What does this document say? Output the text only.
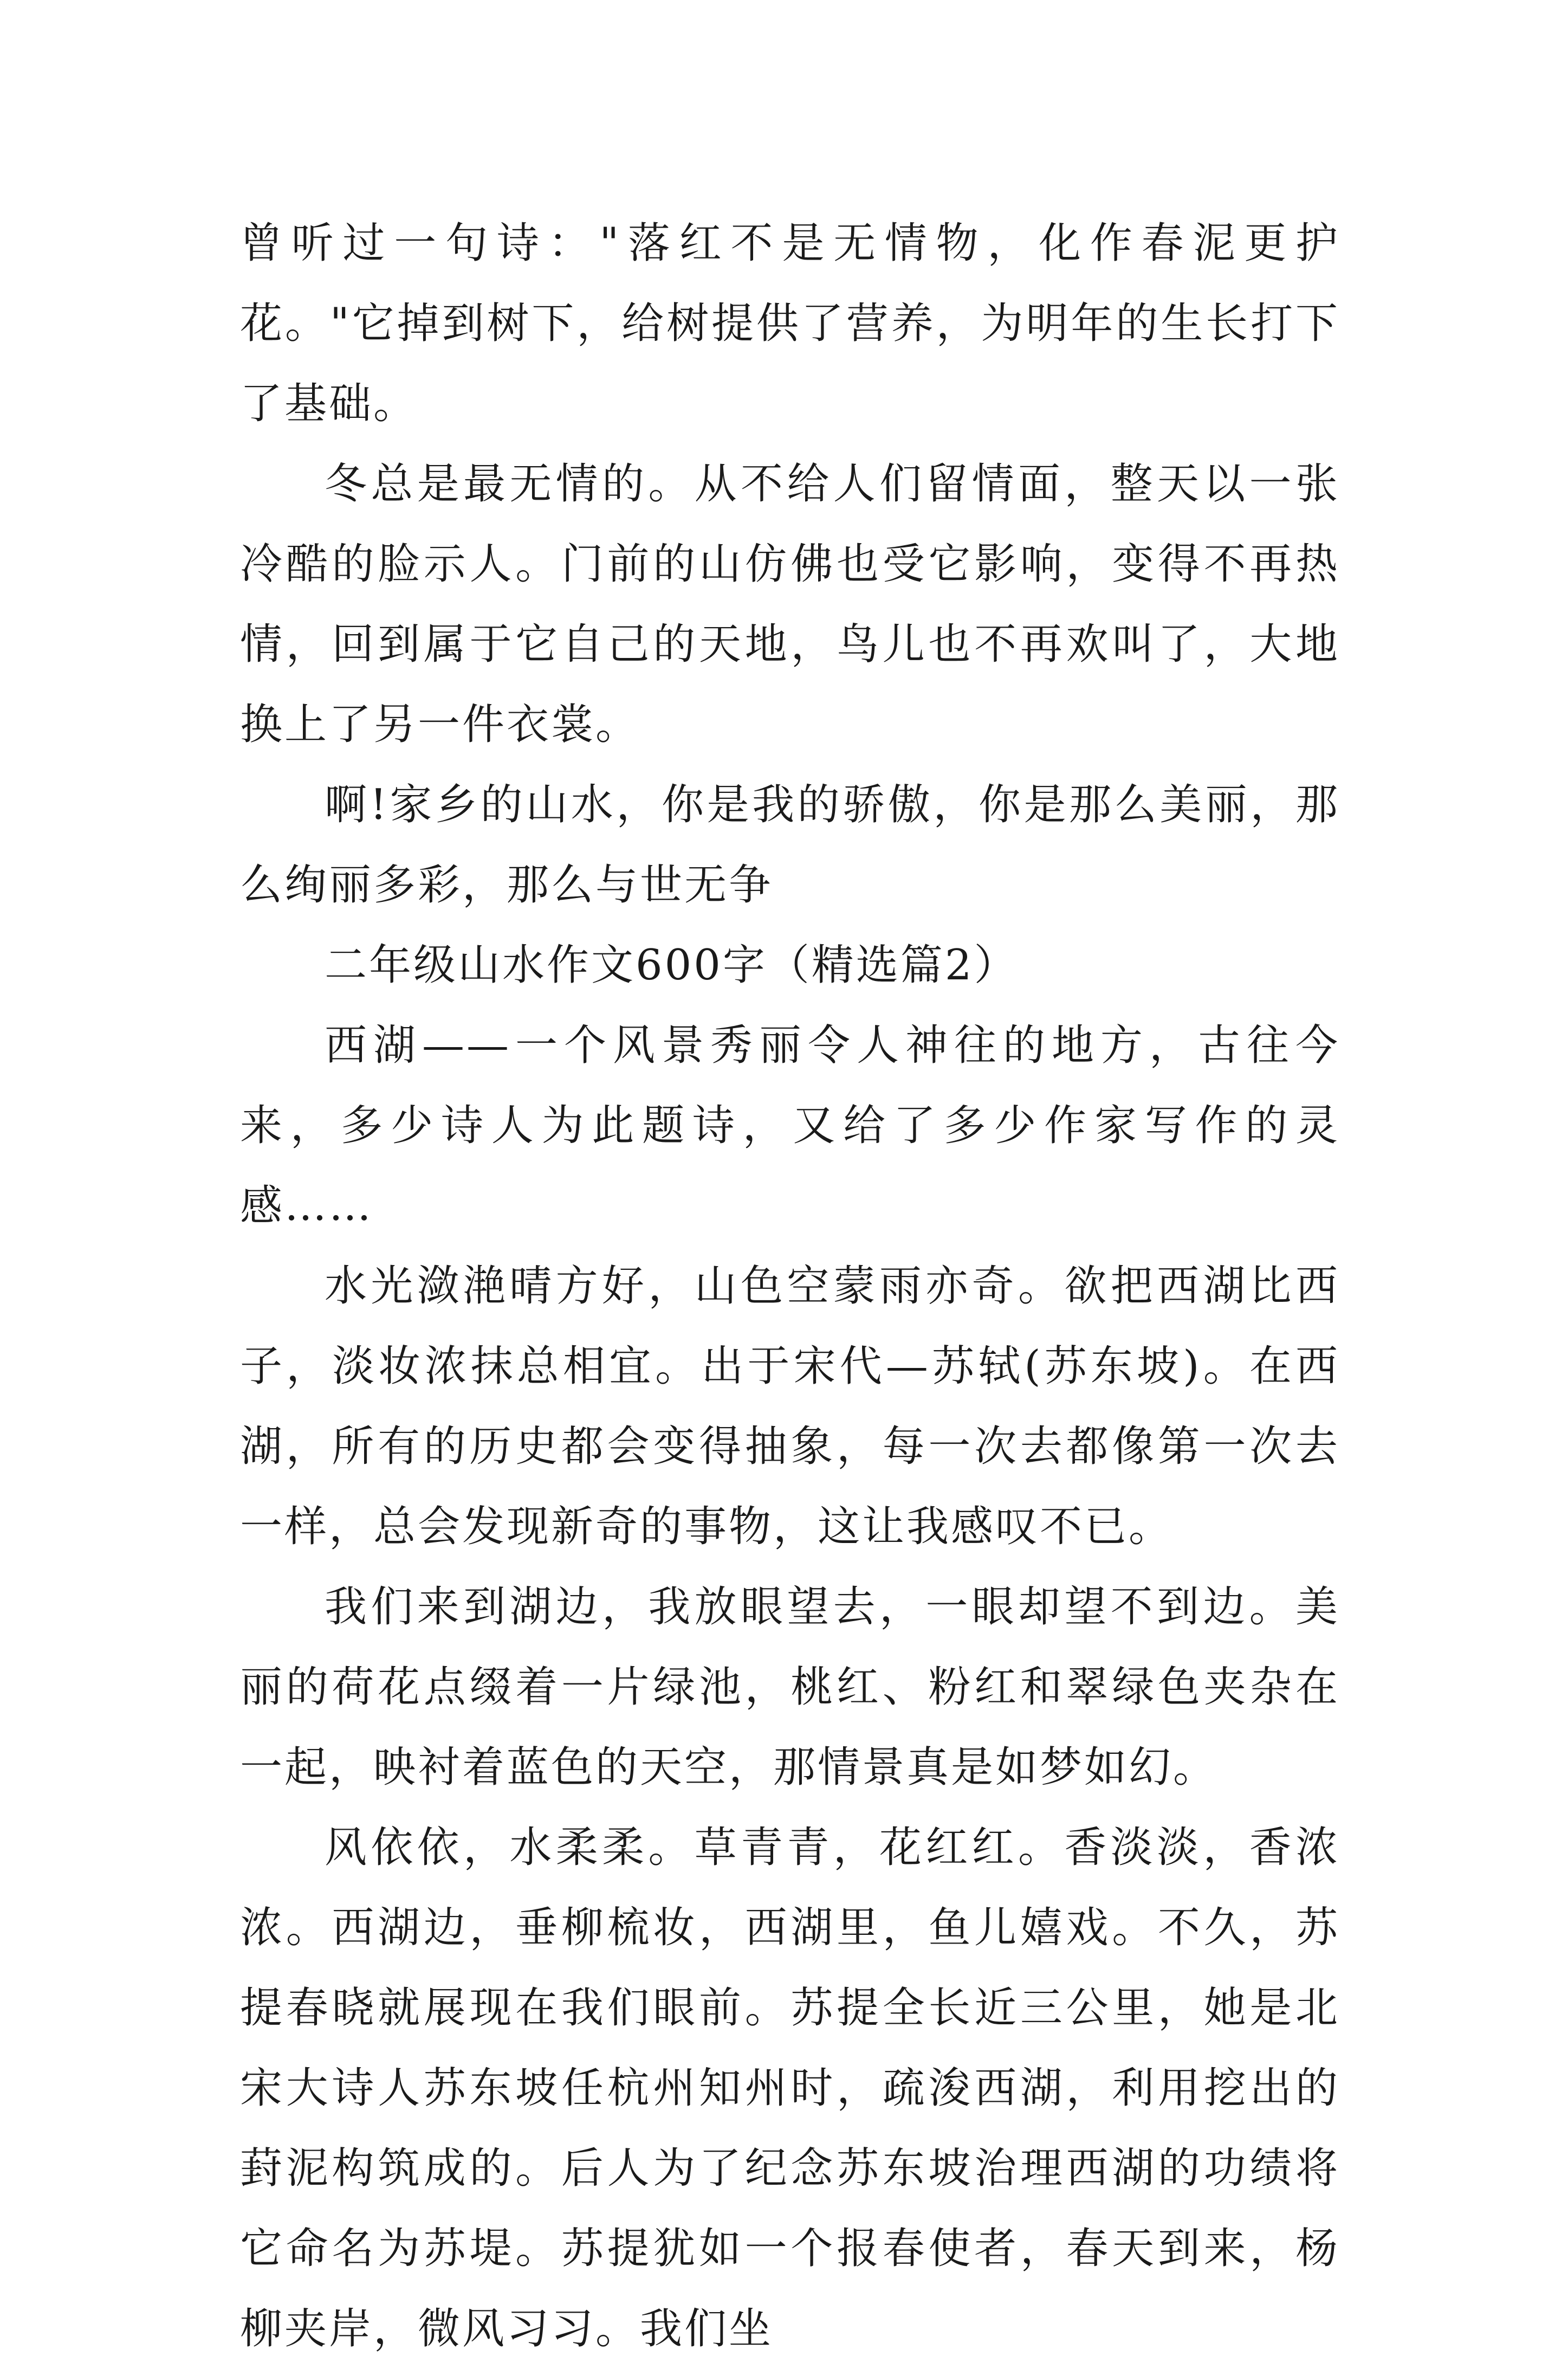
曾听过一句诗："落红不是无情物，化作春泥更护花。"它掉到树下，给树提供了营养，为明年的生长打下了基础。

冬总是最无情的。从不给人们留情面，整天以一张冷酷的脸示人。门前的山仿佛也受它影响，变得不再热情，回到属于它自己的天地，鸟儿也不再欢叫了，大地换上了另一件衣裳。

啊!家乡的山水，你是我的骄傲，你是那么美丽，那么绚丽多彩，那么与世无争

二年级山水作文600字（精选篇2）

西湖——一个风景秀丽令人神往的地方，古往今来，多少诗人为此题诗，又给了多少作家写作的灵感……

水光潋滟晴方好，山色空蒙雨亦奇。欲把西湖比西子，淡妆浓抹总相宜。出于宋代—苏轼(苏东坡)。在西湖，所有的历史都会变得抽象，每一次去都像第一次去一样，总会发现新奇的事物，这让我感叹不已。

我们来到湖边，我放眼望去，一眼却望不到边。美丽的荷花点缀着一片绿池，桃红、粉红和翠绿色夹杂在一起，映衬着蓝色的天空，那情景真是如梦如幻。

风依依，水柔柔。草青青，花红红。香淡淡，香浓浓。西湖边，垂柳梳妆，西湖里，鱼儿嬉戏。不久，苏提春晓就展现在我们眼前。苏提全长近三公里，她是北宋大诗人苏东坡任杭州知州时，疏浚西湖，利用挖出的葑泥构筑成的。后人为了纪念苏东坡治理西湖的功绩将它命名为苏堤。苏提犹如一个报春使者，春天到来，杨柳夹岸，微风习习。我们坐
